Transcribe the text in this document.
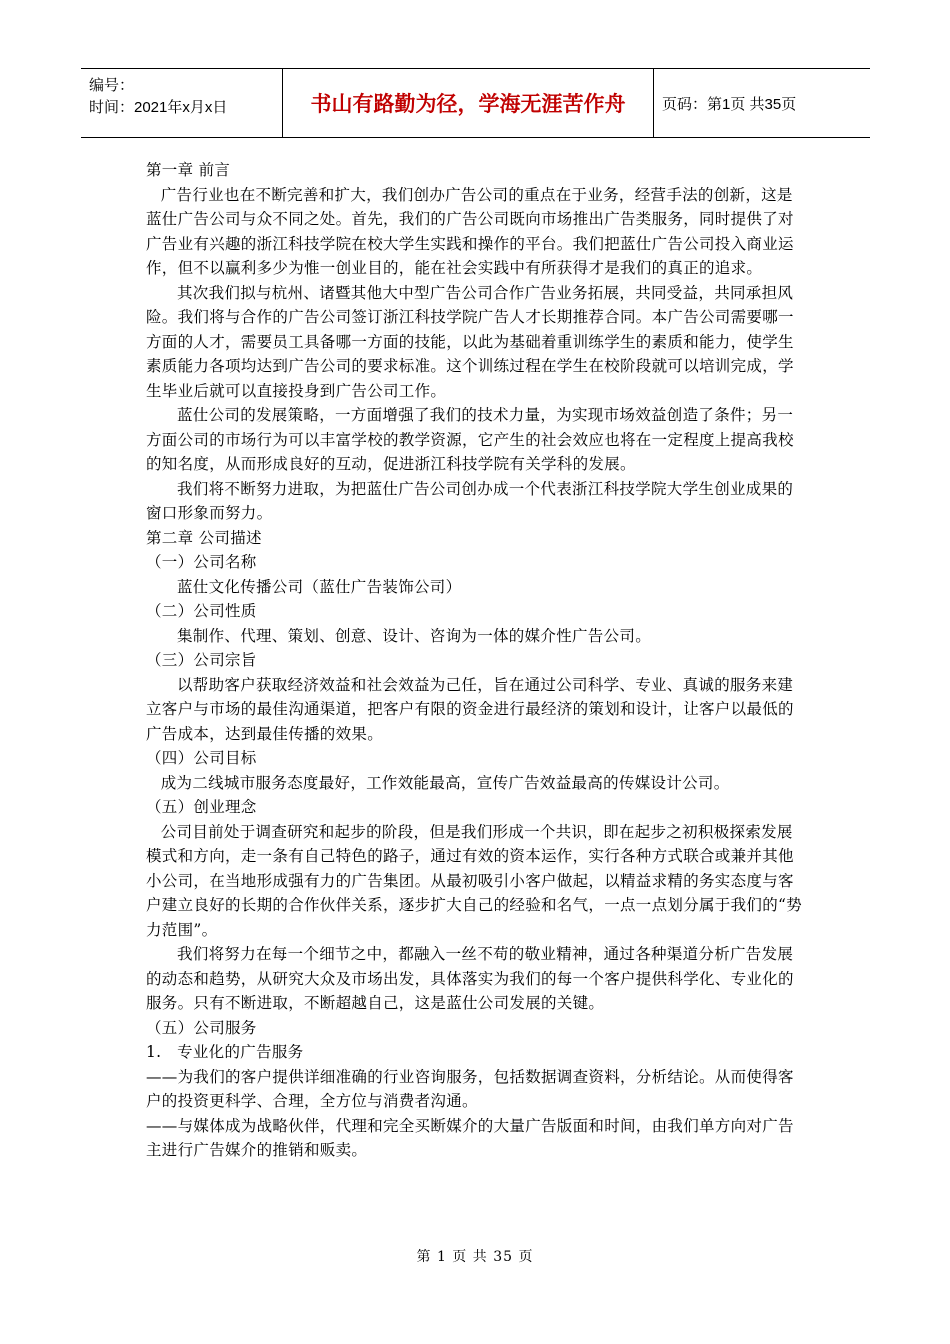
编号：
时间：2021年x月x日	书山有路勤为径，学海无涯苦作舟	页码：第1页 共35页

第一章 前言

广告行业也在不断完善和扩大，我们创办广告公司的重点在于业务，经营手法的创新，这是蓝仕广告公司与众不同之处。首先，我们的广告公司既向市场推出广告类服务，同时提供了对广告业有兴趣的浙江科技学院在校大学生实践和操作的平台。我们把蓝仕广告公司投入商业运作，但不以赢利多少为惟一创业目的，能在社会实践中有所获得才是我们的真正的追求。

其次我们拟与杭州、诸暨其他大中型广告公司合作广告业务拓展，共同受益，共同承担风险。我们将与合作的广告公司签订浙江科技学院广告人才长期推荐合同。本广告公司需要哪一方面的人才，需要员工具备哪一方面的技能，以此为基础着重训练学生的素质和能力，使学生素质能力各项均达到广告公司的要求标准。这个训练过程在学生在校阶段就可以培训完成，学生毕业后就可以直接投身到广告公司工作。

蓝仕公司的发展策略，一方面增强了我们的技术力量，为实现市场效益创造了条件；另一方面公司的市场行为可以丰富学校的教学资源，它产生的社会效应也将在一定程度上提高我校的知名度，从而形成良好的互动，促进浙江科技学院有关学科的发展。

我们将不断努力进取，为把蓝仕广告公司创办成一个代表浙江科技学院大学生创业成果的窗口形象而努力。

第二章 公司描述

（一）公司名称

蓝仕文化传播公司（蓝仕广告装饰公司）

（二）公司性质

集制作、代理、策划、创意、设计、咨询为一体的媒介性广告公司。

（三）公司宗旨

以帮助客户获取经济效益和社会效益为己任，旨在通过公司科学、专业、真诚的服务来建立客户与市场的最佳沟通渠道，把客户有限的资金进行最经济的策划和设计，让客户以最低的广告成本，达到最佳传播的效果。

（四）公司目标

成为二线城市服务态度最好，工作效能最高，宣传广告效益最高的传媒设计公司。

（五）创业理念

公司目前处于调查研究和起步的阶段，但是我们形成一个共识，即在起步之初积极探索发展模式和方向，走一条有自己特色的路子，通过有效的资本运作，实行各种方式联合或兼并其他小公司，在当地形成强有力的广告集团。从最初吸引小客户做起，以精益求精的务实态度与客户建立良好的长期的合作伙伴关系，逐步扩大自己的经验和名气，一点一点划分属于我们的“势力范围”。

我们将努力在每一个细节之中，都融入一丝不苟的敬业精神，通过各种渠道分析广告发展的动态和趋势，从研究大众及市场出发，具体落实为我们的每一个客户提供科学化、专业化的服务。只有不断进取，不断超越自己，这是蓝仕公司发展的关键。

（五）公司服务

1. 专业化的广告服务

——为我们的客户提供详细准确的行业咨询服务，包括数据调查资料，分析结论。从而使得客户的投资更科学、合理，全方位与消费者沟通。

——与媒体成为战略伙伴，代理和完全买断媒介的大量广告版面和时间，由我们单方向对广告主进行广告媒介的推销和贩卖。

第 1 页 共 35 页
